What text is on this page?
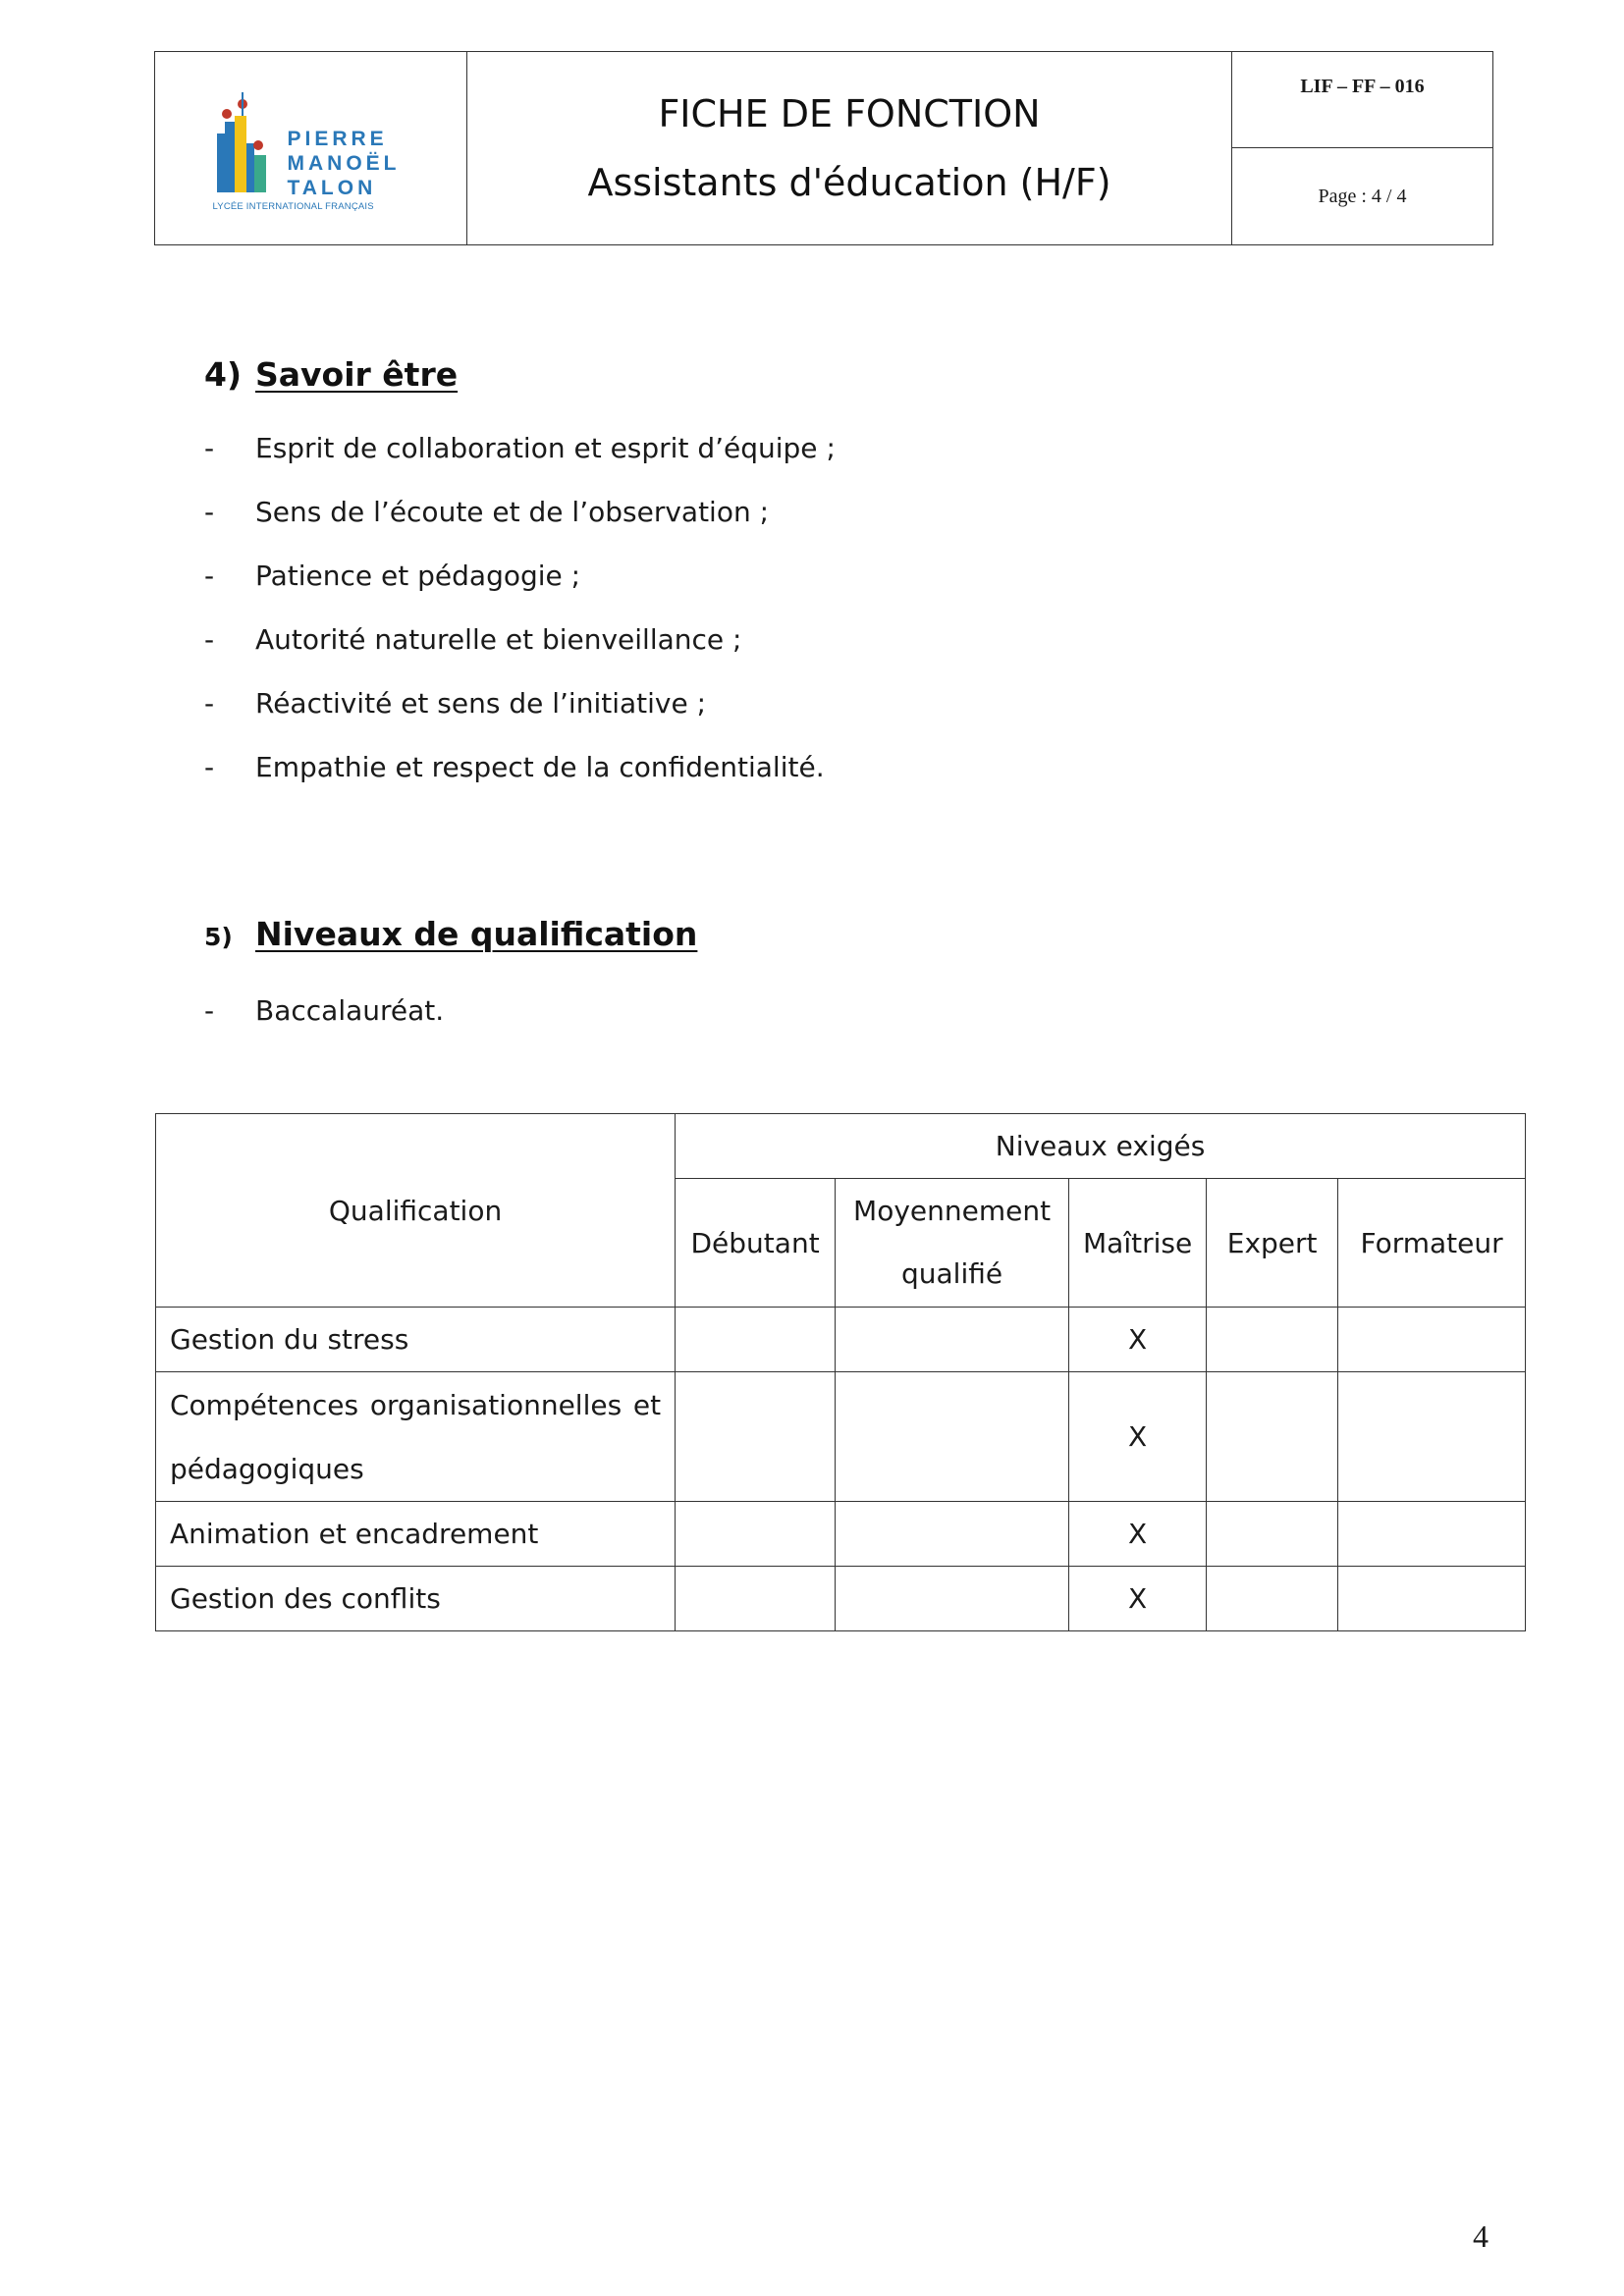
PIERRE
MANOËL
TALON
LYCÉE INTERNATIONAL FRANÇAIS
FICHE DE FONCTION
Assistants d'éducation (H/F)
LIF – FF – 016
Page : 4 / 4
4) Savoir être
- Esprit de collaboration et esprit d’équipe ;
- Sens de l’écoute et de l’observation ;
- Patience et pédagogie ;
- Autorité naturelle et bienveillance ;
- Réactivité et sens de l’initiative ;
- Empathie et respect de la confidentialité.
5) Niveaux de qualification
- Baccalauréat.
Qualification	Niveaux exigés				
	Débutant	Moyennement qualifié	Maîtrise	Expert	Formateur
Gestion du stress			X		
Compétences organisationnelles et pédagogiques			X		
Animation et encadrement			X		
Gestion des conflits			X		
4
